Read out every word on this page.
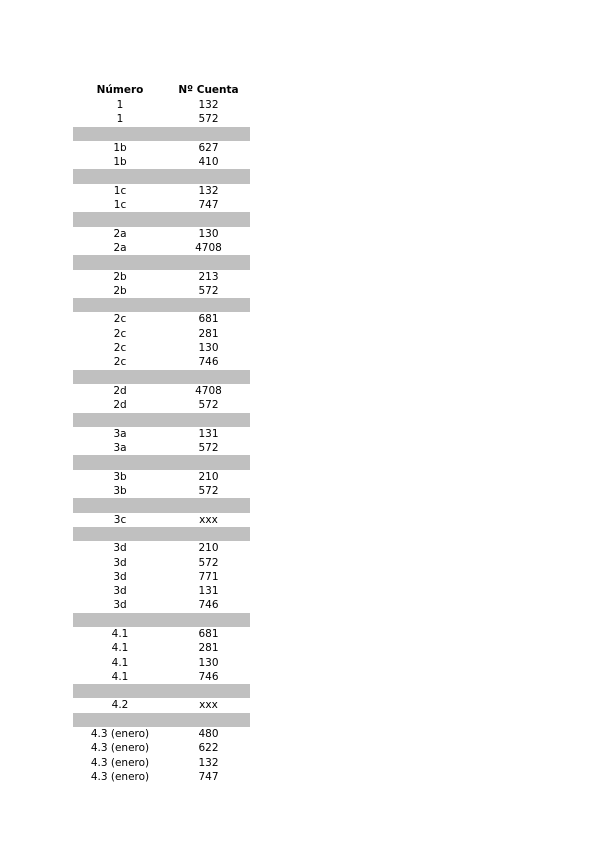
Número	Nº Cuenta
1	132
1	572
1b	627
1b	410
1c	132
1c	747
2a	130
2a	4708
2b	213
2b	572
2c	681
2c	281
2c	130
2c	746
2d	4708
2d	572
3a	131
3a	572
3b	210
3b	572
3c	xxx
3d	210
3d	572
3d	771
3d	131
3d	746
4.1	681
4.1	281
4.1	130
4.1	746
4.2	xxx
4.3 (enero)	480
4.3 (enero)	622
4.3 (enero)	132
4.3 (enero)	747
